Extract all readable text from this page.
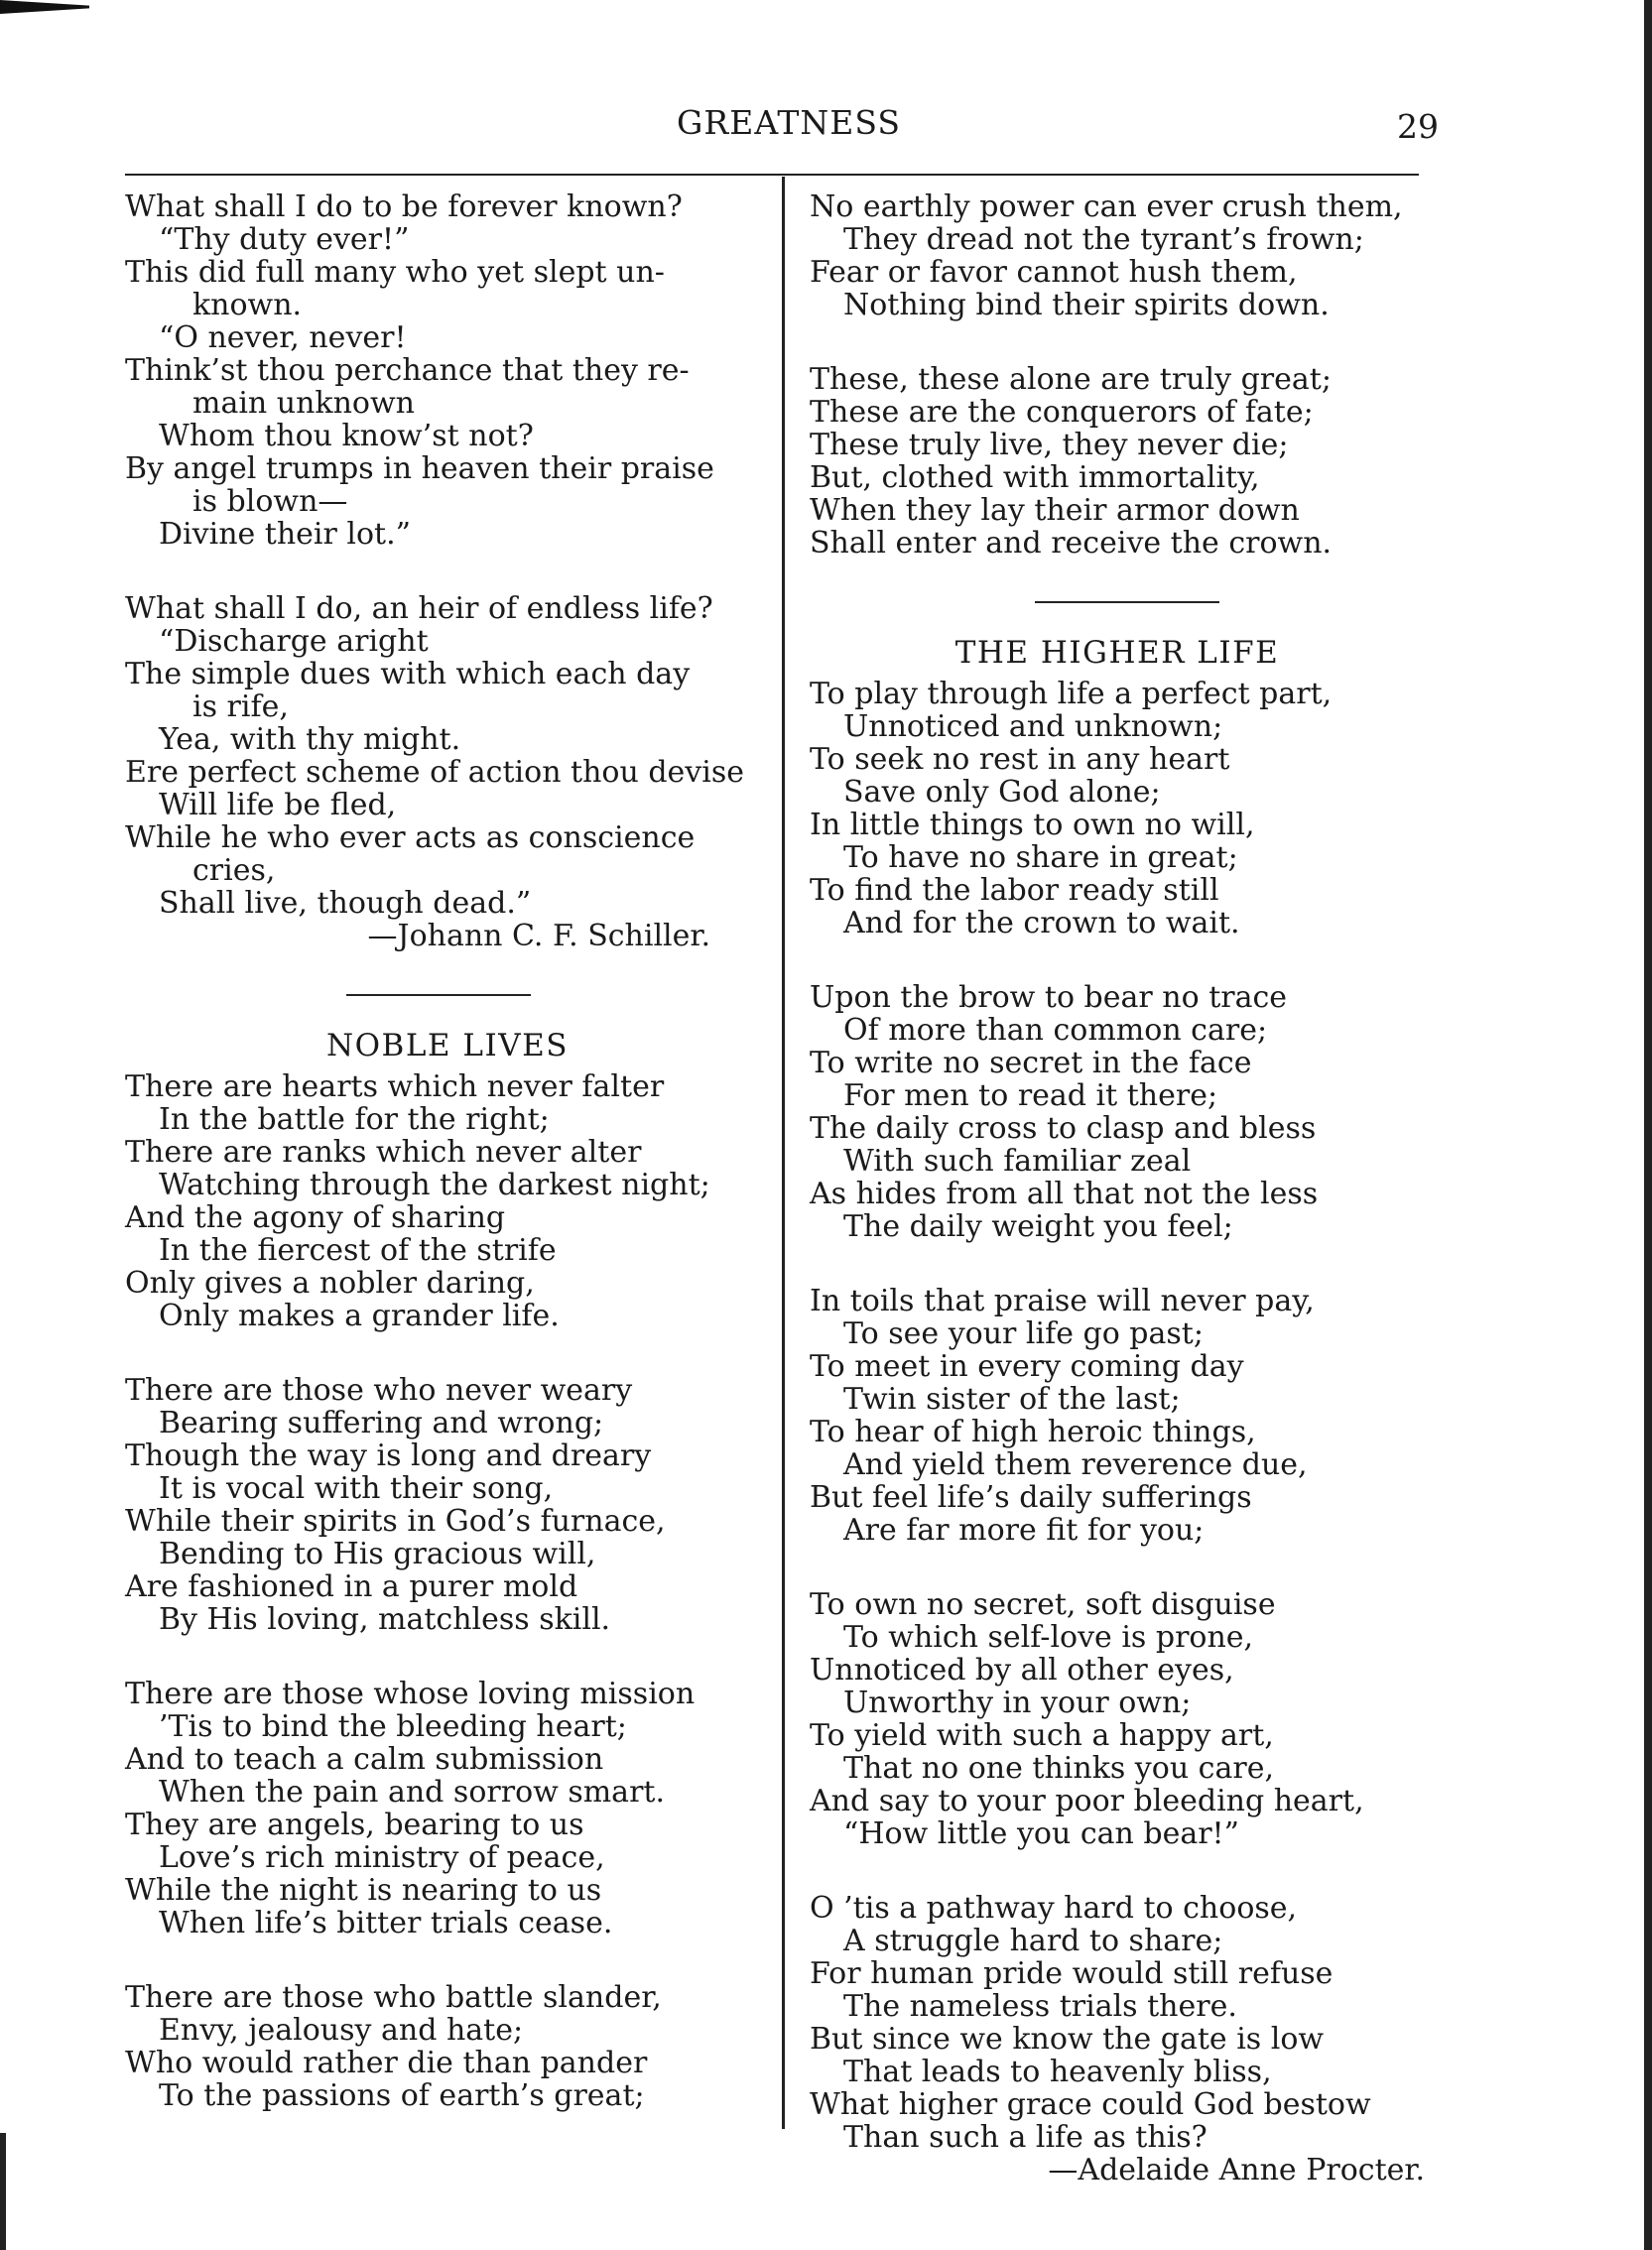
GREATNESS	29
What shall I do to be forever known?
“Thy duty ever!”
This did full many who yet slept un-
known.
“O never, never!
Think’st thou perchance that they re-
main unknown
Whom thou know’st not?
By angel trumps in heaven their praise
is blown—
Divine their lot.”
What shall I do, an heir of endless life?
“Discharge aright
The simple dues with which each day
is rife,
Yea, with thy might.
Ere perfect scheme of action thou devise
Will life be fled,
While he who ever acts as conscience
cries,
Shall live, though dead.”
—Johann C. F. Schiller.
NOBLE LIVES
There are hearts which never falter
In the battle for the right;
There are ranks which never alter
Watching through the darkest night;
And the agony of sharing
In the fiercest of the strife
Only gives a nobler daring,
Only makes a grander life.
There are those who never weary
Bearing suffering and wrong;
Though the way is long and dreary
It is vocal with their song,
While their spirits in God’s furnace,
Bending to His gracious will,
Are fashioned in a purer mold
By His loving, matchless skill.
There are those whose loving mission
’Tis to bind the bleeding heart;
And to teach a calm submission
When the pain and sorrow smart.
They are angels, bearing to us
Love’s rich ministry of peace,
While the night is nearing to us
When life’s bitter trials cease.
There are those who battle slander,
Envy, jealousy and hate;
Who would rather die than pander
To the passions of earth’s great;
No earthly power can ever crush them,
They dread not the tyrant’s frown;
Fear or favor cannot hush them,
Nothing bind their spirits down.
These, these alone are truly great;
These are the conquerors of fate;
These truly live, they never die;
But, clothed with immortality,
When they lay their armor down
Shall enter and receive the crown.
THE HIGHER LIFE
To play through life a perfect part,
Unnoticed and unknown;
To seek no rest in any heart
Save only God alone;
In little things to own no will,
To have no share in great;
To find the labor ready still
And for the crown to wait.
Upon the brow to bear no trace
Of more than common care;
To write no secret in the face
For men to read it there;
The daily cross to clasp and bless
With such familiar zeal
As hides from all that not the less
The daily weight you feel;
In toils that praise will never pay,
To see your life go past;
To meet in every coming day
Twin sister of the last;
To hear of high heroic things,
And yield them reverence due,
But feel life’s daily sufferings
Are far more fit for you;
To own no secret, soft disguise
To which self-love is prone,
Unnoticed by all other eyes,
Unworthy in your own;
To yield with such a happy art,
That no one thinks you care,
And say to your poor bleeding heart,
“How little you can bear!”
O ’tis a pathway hard to choose,
A struggle hard to share;
For human pride would still refuse
The nameless trials there.
But since we know the gate is low
That leads to heavenly bliss,
What higher grace could God bestow
Than such a life as this?
—Adelaide Anne Procter.
